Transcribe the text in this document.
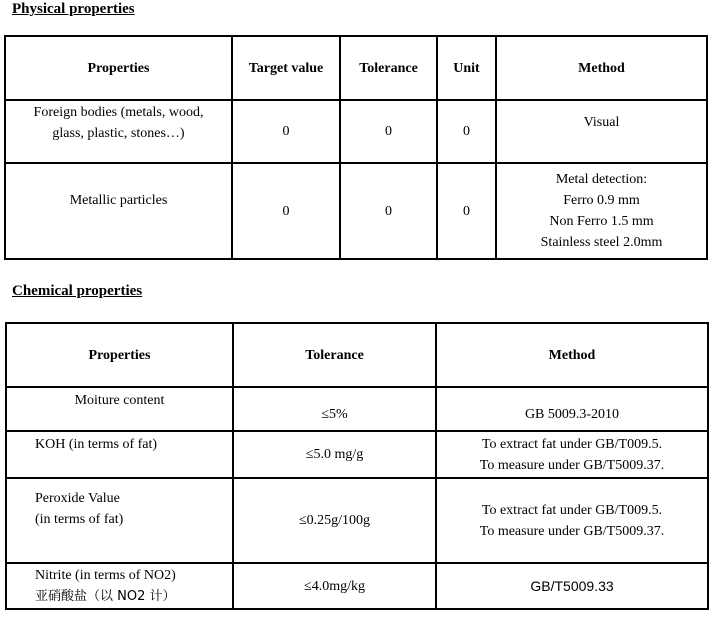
Physical properties
Properties	Target value	Tolerance	Unit	Method

Foreign bodies (metals, wood,
glass, plastic, stones…)	0	0	0	Visual

Metallic particles	0	0	0	Metal detection:
Ferro 0.9 mm
Non Ferro 1.5 mm
Stainless steel 2.0mm
Chemical properties
Properties	Tolerance	Method

Moiture content	≤5%	GB 5009.3-2010

KOH (in terms of fat)	≤5.0 mg/g	To extract fat under GB/T009.5.
To measure under GB/T5009.37.

Peroxide Value
(in terms of fat)	≤0.25g/100g	To extract fat under GB/T009.5.
To measure under GB/T5009.37.

Nitrite (in terms of NO2)
亚硝酸盐（以 NO2 计）	≤4.0mg/kg	GB/T5009.33
